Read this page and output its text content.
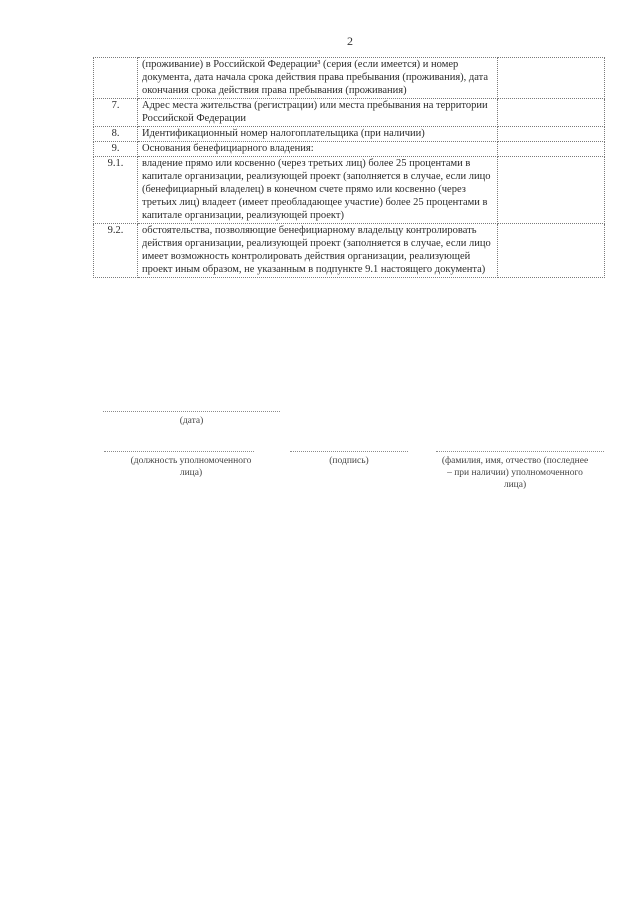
2
	(проживание) в Российской Федерации³ (серия (если имеется) и номер документа, дата начала срока действия права пребывания (проживания), дата окончания срока действия права пребывания (проживания)	
7.	Адрес места жительства (регистрации) или места пребывания на территории Российской Федерации	
8.	Идентификационный номер налогоплательщика (при наличии)	
9.	Основания бенефициарного владения:	
9.1.	владение прямо или косвенно (через третьих лиц) более 25 процентами в капитале организации, реализующей проект (заполняется в случае, если лицо (бенефициарный владелец) в конечном счете прямо или косвенно (через третьих лиц) владеет (имеет преобладающее участие) более 25 процентами в капитале организации, реализующей проект)	
9.2.	обстоятельства, позволяющие бенефициарному владельцу контролировать действия организации, реализующей проект (заполняется в случае, если лицо имеет возможность контролировать действия организации, реализующей проект иным образом, не указанным в подпункте 9.1 настоящего документа)	
(дата)
(должность уполномоченного лица)
(подпись)	(фамилия, имя, отчество (последнее – при наличии) уполномоченного лица)
